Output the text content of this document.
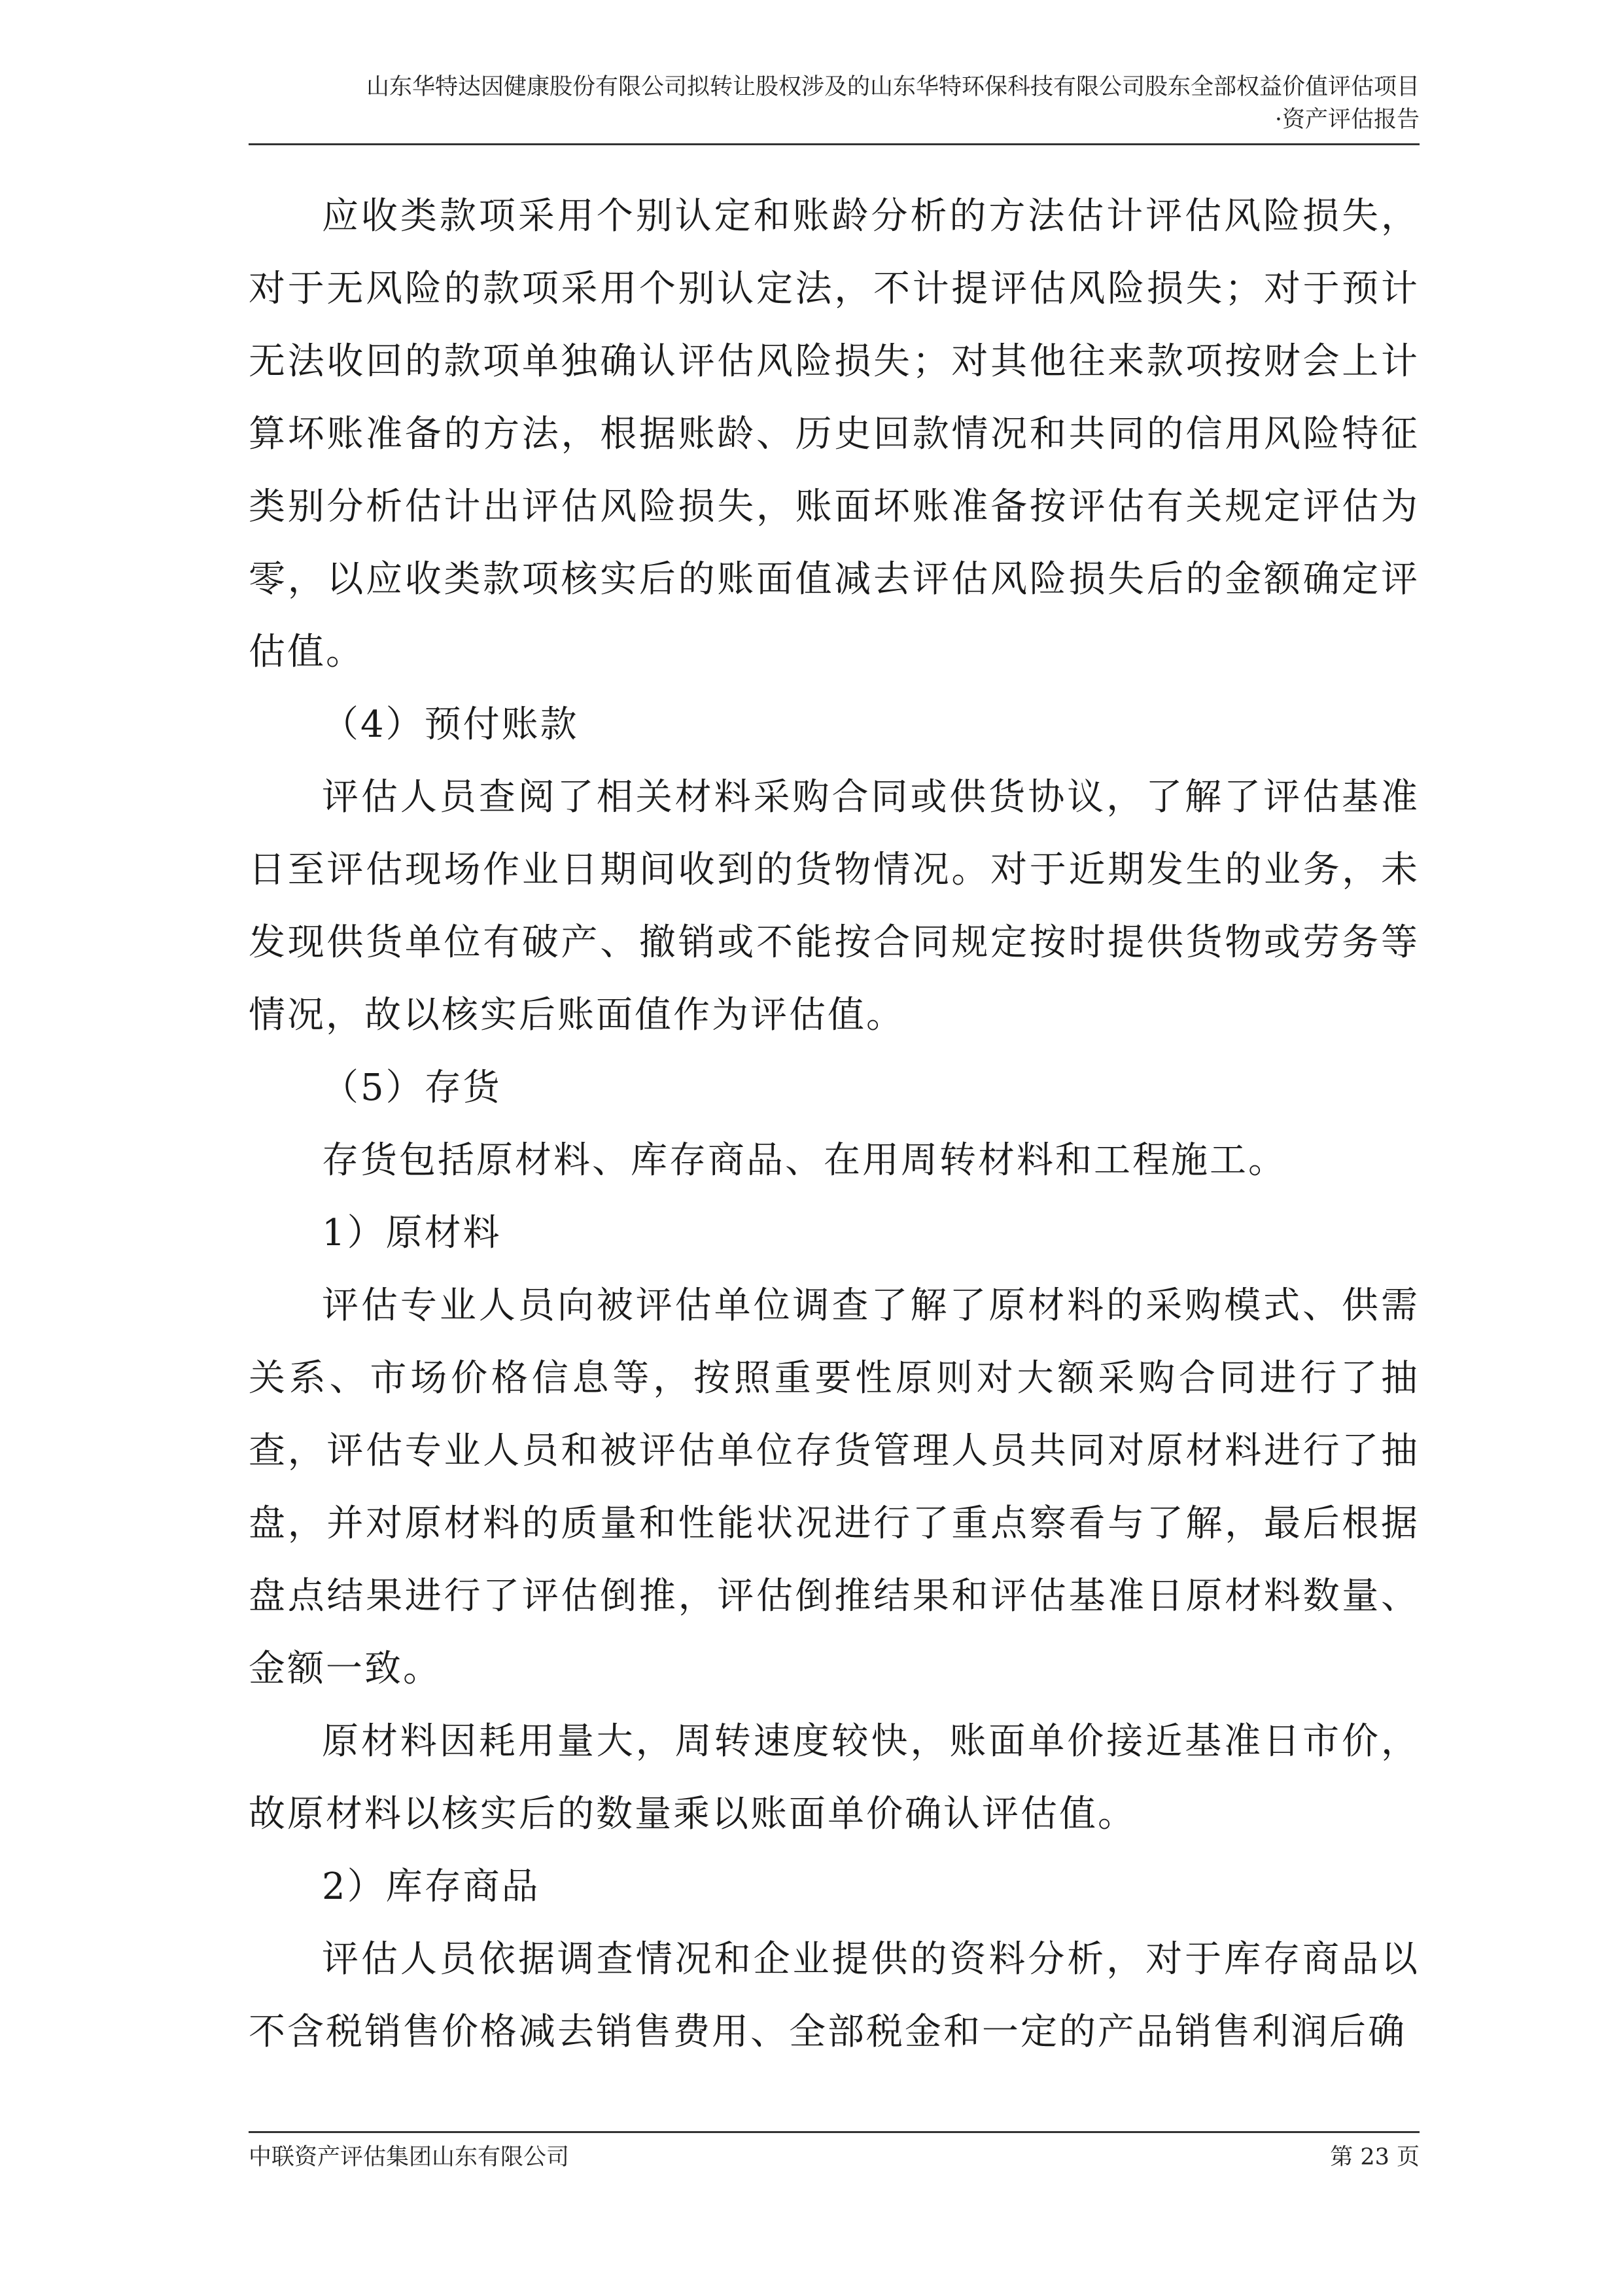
山东华特达因健康股份有限公司拟转让股权涉及的山东华特环保科技有限公司股东全部权益价值评估项目
·资产评估报告

应收类款项采用个别认定和账龄分析的方法估计评估风险损失，对于无风险的款项采用个别认定法，不计提评估风险损失；对于预计无法收回的款项单独确认评估风险损失；对其他往来款项按财会上计算坏账准备的方法，根据账龄、历史回款情况和共同的信用风险特征类别分析估计出评估风险损失，账面坏账准备按评估有关规定评估为零，以应收类款项核实后的账面值减去评估风险损失后的金额确定评估值。

（4）预付账款

评估人员查阅了相关材料采购合同或供货协议，了解了评估基准日至评估现场作业日期间收到的货物情况。对于近期发生的业务，未发现供货单位有破产、撤销或不能按合同规定按时提供货物或劳务等情况，故以核实后账面值作为评估值。

（5）存货

存货包括原材料、库存商品、在用周转材料和工程施工。

1）原材料

评估专业人员向被评估单位调查了解了原材料的采购模式、供需关系、市场价格信息等，按照重要性原则对大额采购合同进行了抽查，评估专业人员和被评估单位存货管理人员共同对原材料进行了抽盘，并对原材料的质量和性能状况进行了重点察看与了解，最后根据盘点结果进行了评估倒推，评估倒推结果和评估基准日原材料数量、金额一致。

原材料因耗用量大，周转速度较快，账面单价接近基准日市价，故原材料以核实后的数量乘以账面单价确认评估值。

2）库存商品

评估人员依据调查情况和企业提供的资料分析，对于库存商品以不含税销售价格减去销售费用、全部税金和一定的产品销售利润后确

中联资产评估集团山东有限公司	第 23 页
